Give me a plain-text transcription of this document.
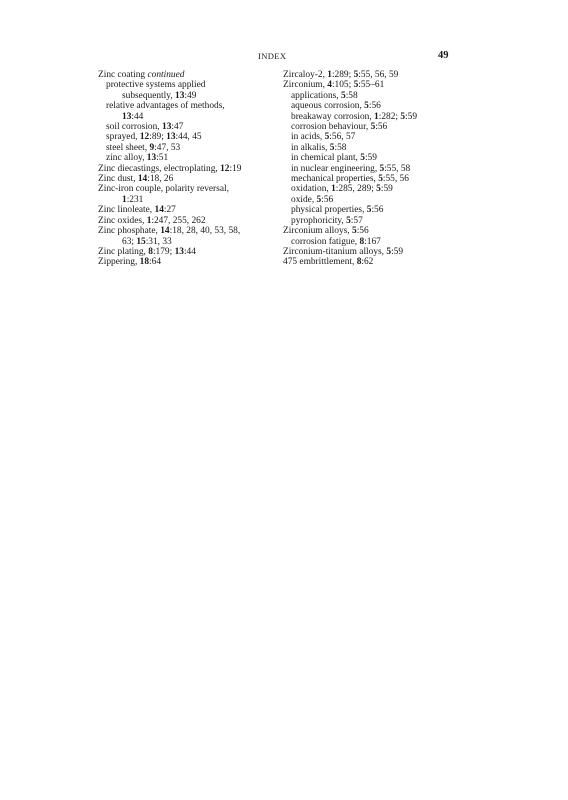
INDEX	49
Zinc coating continued
protective systems applied
subsequently, 13:49
relative advantages of methods,
13:44
soil corrosion, 13:47
sprayed, 12:89; 13:44, 45
steel sheet, 9:47, 53
zinc alloy, 13:51
Zinc diecastings, electroplating, 12:19
Zinc dust, 14:18, 26
Zinc-iron couple, polarity reversal,
1:231
Zinc linoleate, 14:27
Zinc oxides, 1:247, 255, 262
Zinc phosphate, 14:18, 28, 40, 53, 58,
63; 15:31, 33
Zinc plating, 8:179; 13:44
Zippering, 18:64
Zircaloy-2, 1:289; 5:55, 56, 59
Zirconium, 4:105; 5:55–61
applications, 5:58
aqueous corrosion, 5:56
breakaway corrosion, 1:282; 5:59
corrosion behaviour, 5:56
in acids, 5:56, 57
in alkalis, 5:58
in chemical plant, 5:59
in nuclear engineering, 5:55, 58
mechanical properties, 5:55, 56
oxidation, 1:285, 289; 5:59
oxide, 5:56
physical properties, 5:56
pyrophoricity, 5:57
Zirconium alloys, 5:56
corrosion fatigue, 8:167
Zirconium-titanium alloys, 5:59
475 embrittlement, 8:62
